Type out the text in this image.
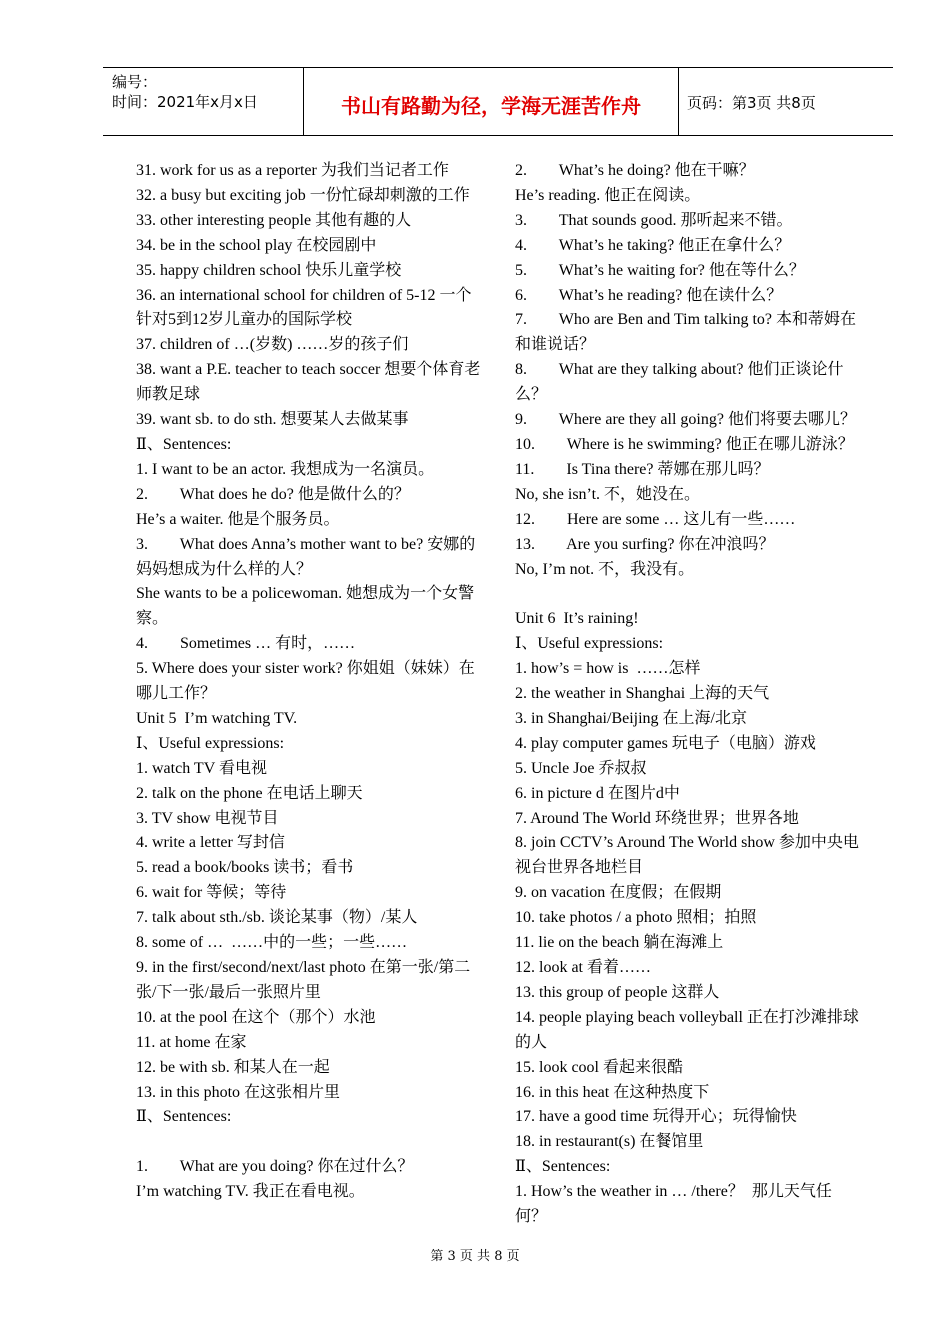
编号：
时间：2021年x月x日	书山有路勤为径，学海无涯苦作舟	页码：第3页 共8页
31. work for us as a reporter 为我们当记者工作
32. a busy but exciting job 一份忙碌却刺激的工作
33. other interesting people 其他有趣的人
34. be in the school play 在校园剧中
35. happy children school 快乐儿童学校
36. an international school for children of 5-12 一个针对5到12岁儿童办的国际学校
37. children of …(岁数) ……岁的孩子们
38. want a P.E. teacher to teach soccer 想要个体育老师教足球
39. want sb. to do sth. 想要某人去做某事
Ⅱ、Sentences:
1. I want to be an actor. 我想成为一名演员。
2.        What does he do? 他是做什么的？
He’s a waiter. 他是个服务员。
3.        What does Anna’s mother want to be? 安娜的妈妈想成为什么样的人？
She wants to be a policewoman. 她想成为一个女警察。
4.        Sometimes … 有时，……
5. Where does your sister work? 你姐姐（妹妹）在哪儿工作？
Unit 5  I’m watching TV.
Ⅰ、Useful expressions:
1. watch TV 看电视
2. talk on the phone 在电话上聊天
3. TV show 电视节目
4. write a letter 写封信
5. read a book/books 读书；看书
6. wait for 等候；等待
7. talk about sth./sb. 谈论某事（物）/某人
8. some of …  ……中的一些；一些……
9. in the first/second/next/last photo 在第一张/第二张/下一张/最后一张照片里
10. at the pool 在这个（那个）水池
11. at home 在家
12. be with sb. 和某人在一起
13. in this photo 在这张相片里
Ⅱ、Sentences:
1.        What are you doing? 你在过什么？
I’m watching TV. 我正在看电视。
2.        What’s he doing? 他在干嘛？
He’s reading. 他正在阅读。
3.        That sounds good. 那听起来不错。
4.        What’s he taking? 他正在拿什么？
5.        What’s he waiting for? 他在等什么？
6.        What’s he reading? 他在读什么？
7.        Who are Ben and Tim talking to? 本和蒂姆在和谁说话？
8.        What are they talking about? 他们正谈论什么？
9.        Where are they all going? 他们将要去哪儿？
10.        Where is he swimming? 他正在哪儿游泳？
11.        Is Tina there? 蒂娜在那儿吗？
No, she isn’t. 不，她没在。
12.        Here are some … 这儿有一些……
13.        Are you surfing? 你在冲浪吗？
No, I’m not. 不，我没有。
Unit 6  It’s raining!
Ⅰ、Useful expressions:
1. how’s = how is  ……怎样
2. the weather in Shanghai 上海的天气
3. in Shanghai/Beijing 在上海/北京
4. play computer games 玩电子（电脑）游戏
5. Uncle Joe 乔叔叔
6. in picture d 在图片d中
7. Around The World 环绕世界；世界各地
8. join CCTV’s Around The World show 参加中央电视台世界各地栏目
9. on vacation 在度假；在假期
10. take photos / a photo 照相；拍照
11. lie on the beach 躺在海滩上
12. look at 看着……
13. this group of people 这群人
14. people playing beach volleyball 正在打沙滩排球的人
15. look cool 看起来很酷
16. in this heat 在这种热度下
17. have a good time 玩得开心；玩得愉快
18. in restaurant(s) 在餐馆里
Ⅱ、Sentences:
1. How’s the weather in … /there？  那儿天气任何？
第 3 页 共 8 页
